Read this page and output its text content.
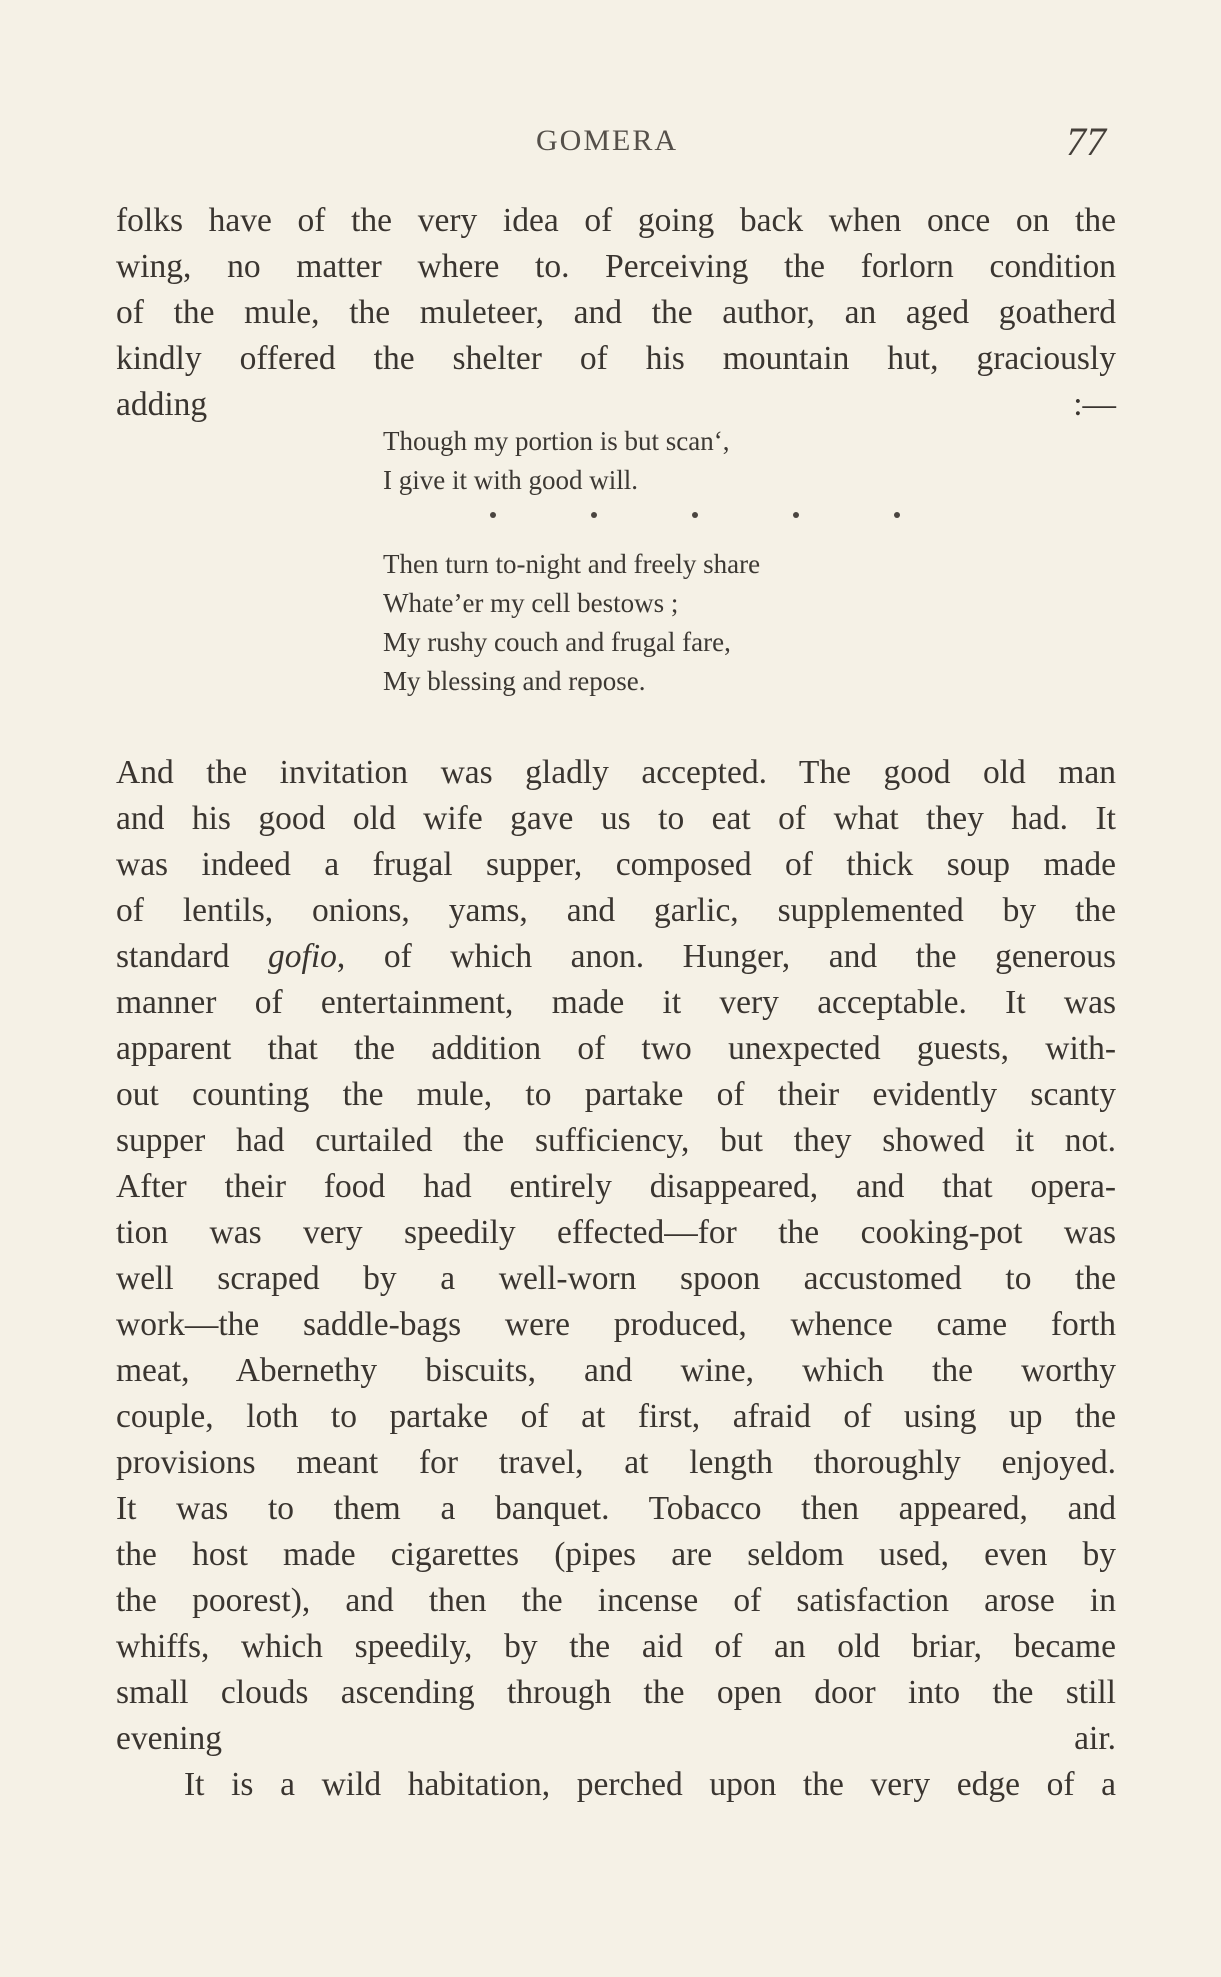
GOMERA	77
folks have of the very idea of going back when once on the
wing, no matter where to. Perceiving the forlorn condition
of the mule, the muleteer, and the author, an aged goatherd
kindly offered the shelter of his mountain hut, graciously
adding :—
Though my portion is but scanʻ,
I give it with good will.
Then turn to-night and freely share
Whate’er my cell bestows ;
My rushy couch and frugal fare,
My blessing and repose.
And the invitation was gladly accepted. The good old man
and his good old wife gave us to eat of what they had. It
was indeed a frugal supper, composed of thick soup made
of lentils, onions, yams, and garlic, supplemented by the
standard gofio, of which anon. Hunger, and the generous
manner of entertainment, made it very acceptable. It was
apparent that the addition of two unexpected guests, with-
out counting the mule, to partake of their evidently scanty
supper had curtailed the sufficiency, but they showed it not.
After their food had entirely disappeared, and that opera-
tion was very speedily effected—for the cooking-pot was
well scraped by a well-worn spoon accustomed to the
work—the saddle-bags were produced, whence came forth
meat, Abernethy biscuits, and wine, which the worthy
couple, loth to partake of at first, afraid of using up the
provisions meant for travel, at length thoroughly enjoyed.
It was to them a banquet. Tobacco then appeared, and
the host made cigarettes (pipes are seldom used, even by
the poorest), and then the incense of satisfaction arose in
whiffs, which speedily, by the aid of an old briar, became
small clouds ascending through the open door into the still
evening air.
It is a wild habitation, perched upon the very edge of a
